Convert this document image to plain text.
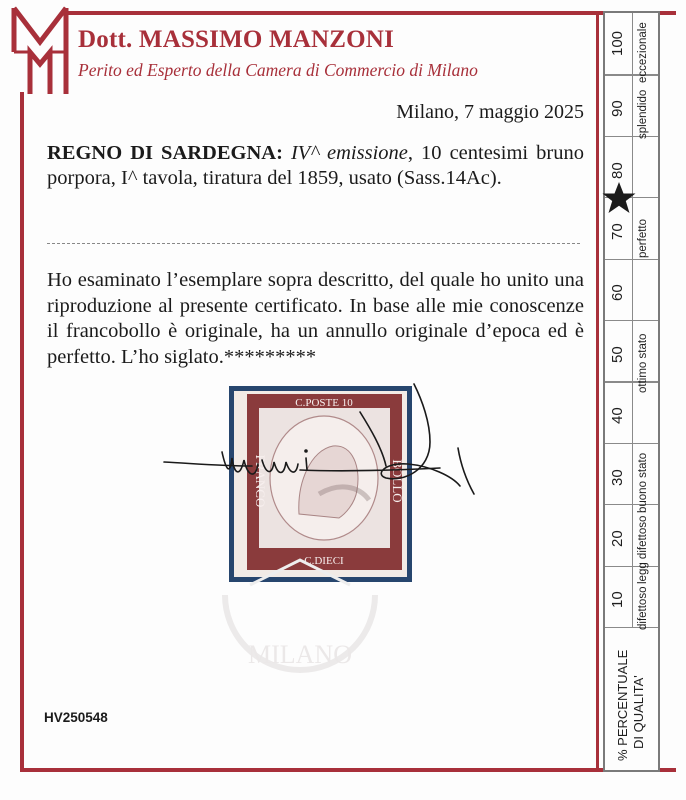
Dott. MASSIMO MANZONI
Perito ed Esperto della Camera di Commercio di Milano
Milano, 7 maggio 2025
REGNO DI SARDEGNA: IV^ emissione, 10 centesimi bruno porpora, I^ tavola, tiratura del 1859, usato (Sass.14Ac).
Ho esaminato l’esemplare sopra descritto, del quale ho unito una riproduzione al presente certificato. In base alle mie conoscenze il francobollo è originale, ha un annullo originale d’epoca ed è perfetto. L’ho siglato.*********
C.POSTE 10
C.DIECI
FRANCO	BOLLO
MILANO
HV250548
100 eccezionale
90 splendido
80
70 perfetto
60
50 ottimo stato
40
30 buono stato
20 legg difettoso
10 difettoso
% PERCENTUALE DI QUALITA'
